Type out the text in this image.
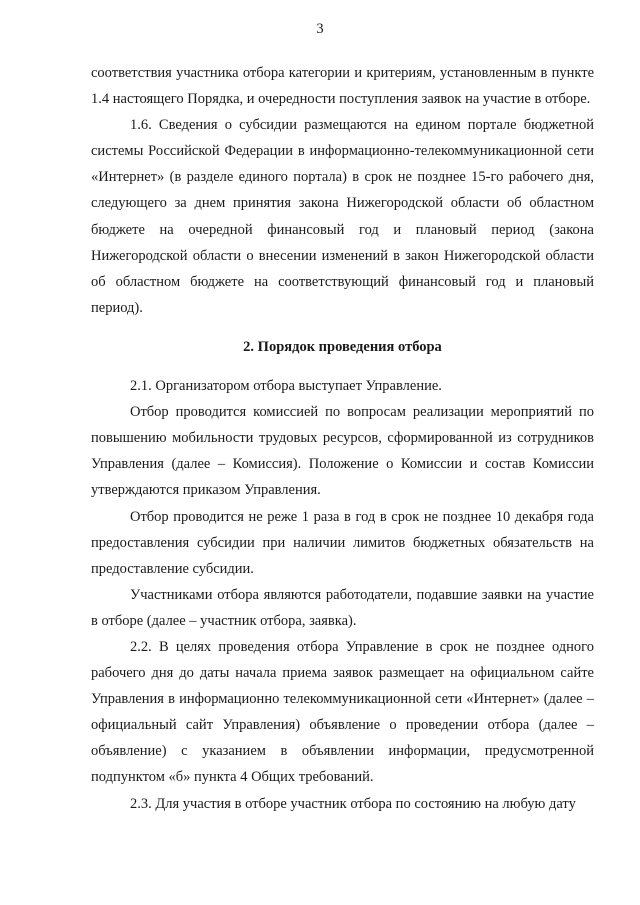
3

соответствия участника отбора категории и критериям, установленным в пункте 1.4 настоящего Порядка, и очередности поступления заявок на участие в отборе.

1.6. Сведения о субсидии размещаются на едином портале бюджетной системы Российской Федерации в информационно-телекоммуникационной сети «Интернет» (в разделе единого портала) в срок не позднее 15-го рабочего дня, следующего за днем принятия закона Нижегородской области об областном бюджете на очередной финансовый год и плановый период (закона Нижегородской области о внесении изменений в закон Нижегородской области об областном бюджете на соответствующий финансовый год и плановый период).

2. Порядок проведения отбора

2.1. Организатором отбора выступает Управление.

Отбор проводится комиссией по вопросам реализации мероприятий по повышению мобильности трудовых ресурсов, сформированной из сотрудников Управления (далее – Комиссия). Положение о Комиссии и состав Комиссии утверждаются приказом Управления.

Отбор проводится не реже 1 раза в год в срок не позднее 10 декабря года предоставления субсидии при наличии лимитов бюджетных обязательств на предоставление субсидии.

Участниками отбора являются работодатели, подавшие заявки на участие в отборе (далее – участник отбора, заявка).

2.2. В целях проведения отбора Управление в срок не позднее одного рабочего дня до даты начала приема заявок размещает на официальном сайте Управления в информационно телекоммуникационной сети «Интернет» (далее – официальный сайт Управления) объявление о проведении отбора (далее – объявление) с указанием в объявлении информации, предусмотренной подпунктом «б» пункта 4 Общих требований.

2.3. Для участия в отборе участник отбора по состоянию на любую дату
